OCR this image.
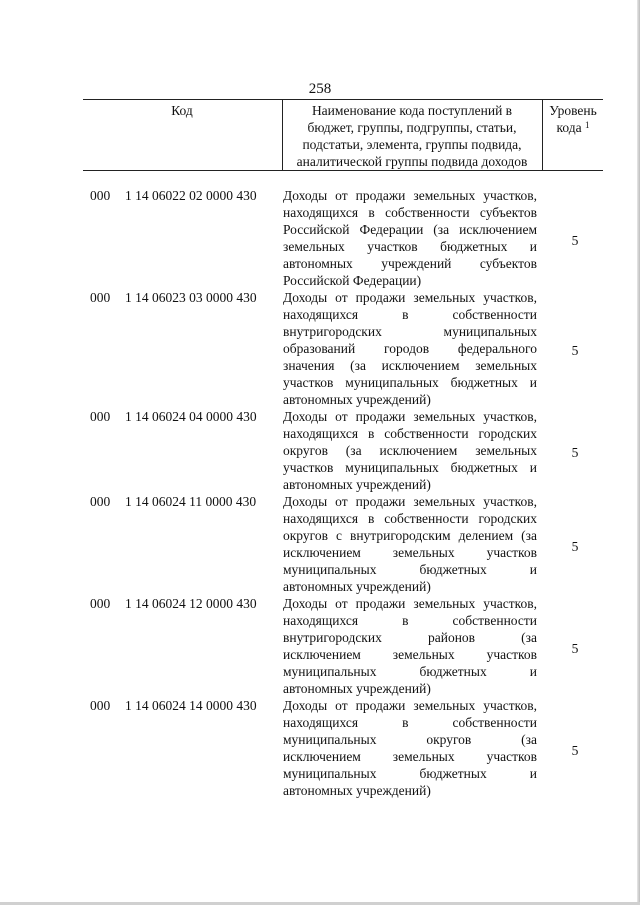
258
Код	Наименование кода поступлений в
бюджет, группы, подгруппы, статьи,
подстатьи, элемента, группы подвида,
аналитической группы подвида доходов
Уровень
кода $^1$
000 1 14 06022 02 0000 430 Доходы от продажи земельных участков,
находящихся в собственности субъектов
Российской Федерации (за исключением
земельных участков бюджетных и
автономных учреждений субъектов
Российской Федерации)
5
000 1 14 06023 03 0000 430 Доходы от продажи земельных участков,
находящихся в собственности
внутригородских муниципальных
образований городов федерального
значения (за исключением земельных
участков муниципальных бюджетных и
автономных учреждений)
5
000 1 14 06024 04 0000 430 Доходы от продажи земельных участков,
находящихся в собственности городских
округов (за исключением земельных
участков муниципальных бюджетных и
автономных учреждений)
5
000 1 14 06024 11 0000 430 Доходы от продажи земельных участков,
находящихся в собственности городских
округов с внутригородским делением (за
исключением земельных участков
муниципальных бюджетных и
автономных учреждений)
5
000 1 14 06024 12 0000 430 Доходы от продажи земельных участков,
находящихся в собственности
внутригородских районов (за
исключением земельных участков
муниципальных бюджетных и
автономных учреждений)
5
000 1 14 06024 14 0000 430 Доходы от продажи земельных участков,
находящихся в собственности
муниципальных округов (за
исключением земельных участков
муниципальных бюджетных и
автономных учреждений)
5
